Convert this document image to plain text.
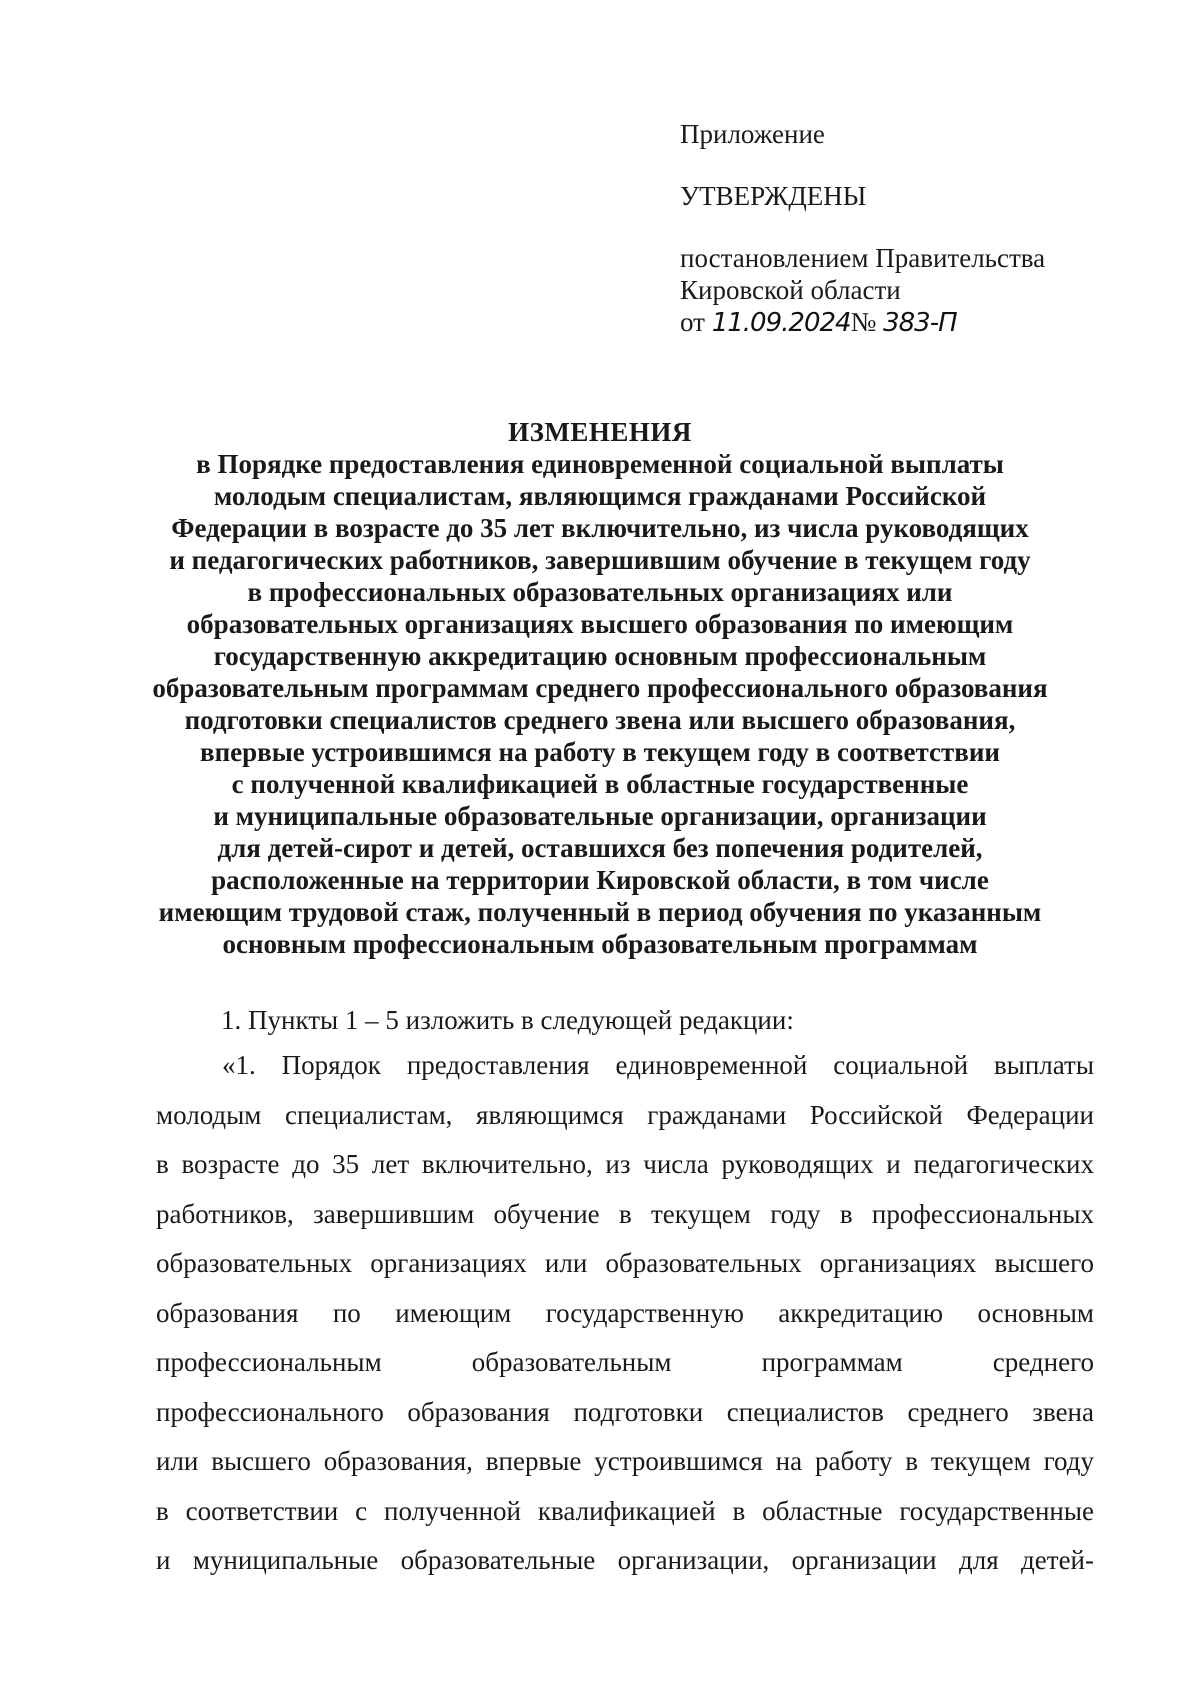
Приложение
УТВЕРЖДЕНЫ
постановлением Правительства
Кировской области
от 11.09.2024№ 383-П
ИЗМЕНЕНИЯ
в Порядке предоставления единовременной социальной выплаты
молодым специалистам, являющимся гражданами Российской
Федерации в возрасте до 35 лет включительно, из числа руководящих
и педагогических работников, завершившим обучение в текущем году
в профессиональных образовательных организациях или
образовательных организациях высшего образования по имеющим
государственную аккредитацию основным профессиональным
образовательным программам среднего профессионального образования
подготовки специалистов среднего звена или высшего образования,
впервые устроившимся на работу в текущем году в соответствии
с полученной квалификацией в областные государственные
и муниципальные образовательные организации, организации
для детей-сирот и детей, оставшихся без попечения родителей,
расположенные на территории Кировской области, в том числе
имеющим трудовой стаж, полученный в период обучения по указанным
основным профессиональным образовательным программам
1. Пункты 1 – 5 изложить в следующей редакции:
«1. Порядок предоставления единовременной социальной выплаты
молодым специалистам, являющимся гражданами Российской Федерации
в возрасте до 35 лет включительно, из числа руководящих и педагогических
работников, завершившим обучение в текущем году в профессиональных
образовательных организациях или образовательных организациях высшего
образования по имеющим государственную аккредитацию основным
профессиональным образовательным программам среднего
профессионального образования подготовки специалистов среднего звена
или высшего образования, впервые устроившимся на работу в текущем году
в соответствии с полученной квалификацией в областные государственные
и муниципальные образовательные организации, организации для детей-
